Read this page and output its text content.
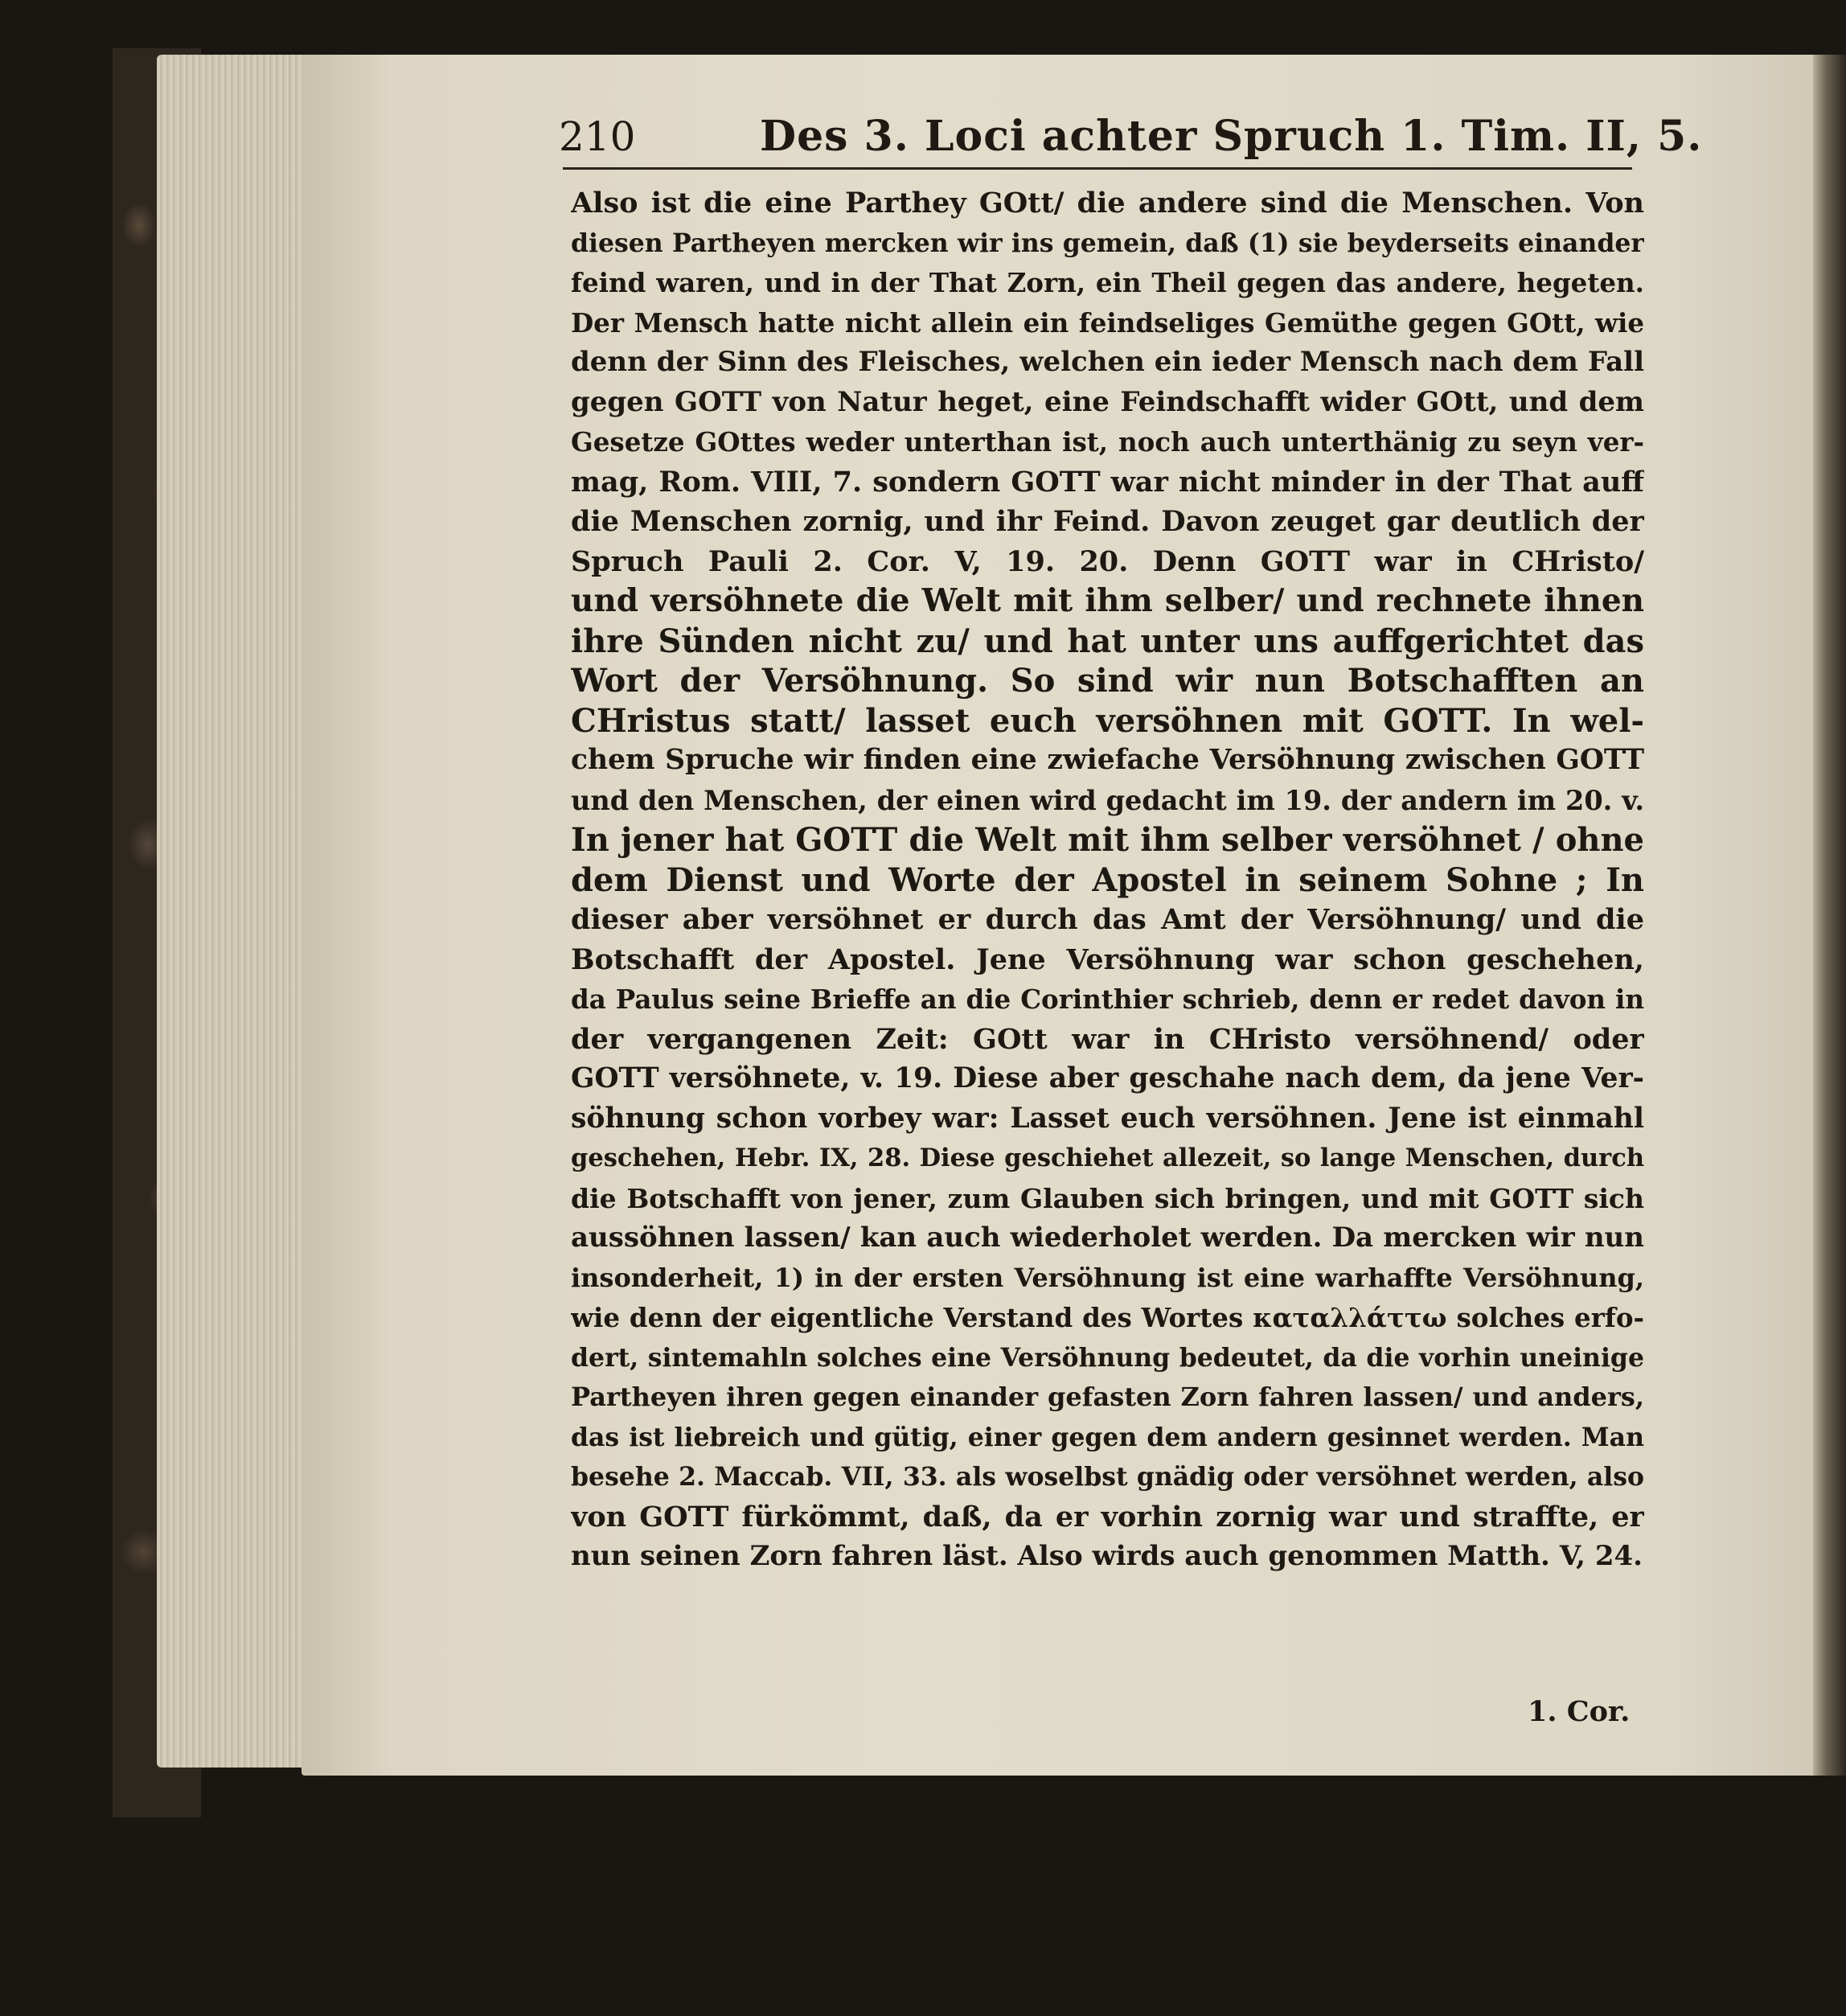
210	Des 3. Loci achter Spruch 1. Tim. II, 5.
Also ist die eine Parthey GOtt/ die andere sind die Menschen. Von
diesen Partheyen mercken wir ins gemein, daß (1) sie beyderseits einander
feind waren, und in der That Zorn, ein Theil gegen das andere, hegeten.
Der Mensch hatte nicht allein ein feindseliges Gemüthe gegen GOtt, wie
denn der Sinn des Fleisches, welchen ein ieder Mensch nach dem Fall
gegen GOTT von Natur heget, eine Feindschafft wider GOtt, und dem
Gesetze GOttes weder unterthan ist, noch auch unterthänig zu seyn ver-
mag, Rom. VIII, 7. sondern GOTT war nicht minder in der That auff
die Menschen zornig, und ihr Feind. Davon zeuget gar deutlich der
Spruch Pauli 2. Cor. V, 19. 20. Denn GOTT war in CHristo/
und versöhnete die Welt mit ihm selber/ und rechnete ihnen
ihre Sünden nicht zu/ und hat unter uns auffgerichtet das
Wort der Versöhnung. So sind wir nun Botschafften an
CHristus statt/ lasset euch versöhnen mit GOTT. In wel-
chem Spruche wir finden eine zwiefache Versöhnung zwischen GOTT
und den Menschen, der einen wird gedacht im 19. der andern im 20. v.
In jener hat GOTT die Welt mit ihm selber versöhnet / ohne
dem Dienst und Worte der Apostel in seinem Sohne ; In
dieser aber versöhnet er durch das Amt der Versöhnung/ und die
Botschafft der Apostel. Jene Versöhnung war schon geschehen,
da Paulus seine Brieffe an die Corinthier schrieb, denn er redet davon in
der vergangenen Zeit: GOtt war in CHristo versöhnend/ oder
GOTT versöhnete, v. 19. Diese aber geschahe nach dem, da jene Ver-
söhnung schon vorbey war: Lasset euch versöhnen. Jene ist einmahl
geschehen, Hebr. IX, 28. Diese geschiehet allezeit, so lange Menschen, durch
die Botschafft von jener, zum Glauben sich bringen, und mit GOTT sich
aussöhnen lassen/ kan auch wiederholet werden. Da mercken wir nun
insonderheit, 1) in der ersten Versöhnung ist eine warhaffte Versöhnung,
wie denn der eigentliche Verstand des Wortes καταλλάττω solches erfo-
dert, sintemahln solches eine Versöhnung bedeutet, da die vorhin uneinige
Partheyen ihren gegen einander gefasten Zorn fahren lassen/ und anders,
das ist liebreich und gütig, einer gegen dem andern gesinnet werden. Man
besehe 2. Maccab. VII, 33. als woselbst gnädig oder versöhnet werden, also
von GOTT fürkömmt, daß, da er vorhin zornig war und straffte, er
nun seinen Zorn fahren läst. Also wirds auch genommen Matth. V, 24.
1. Cor.
